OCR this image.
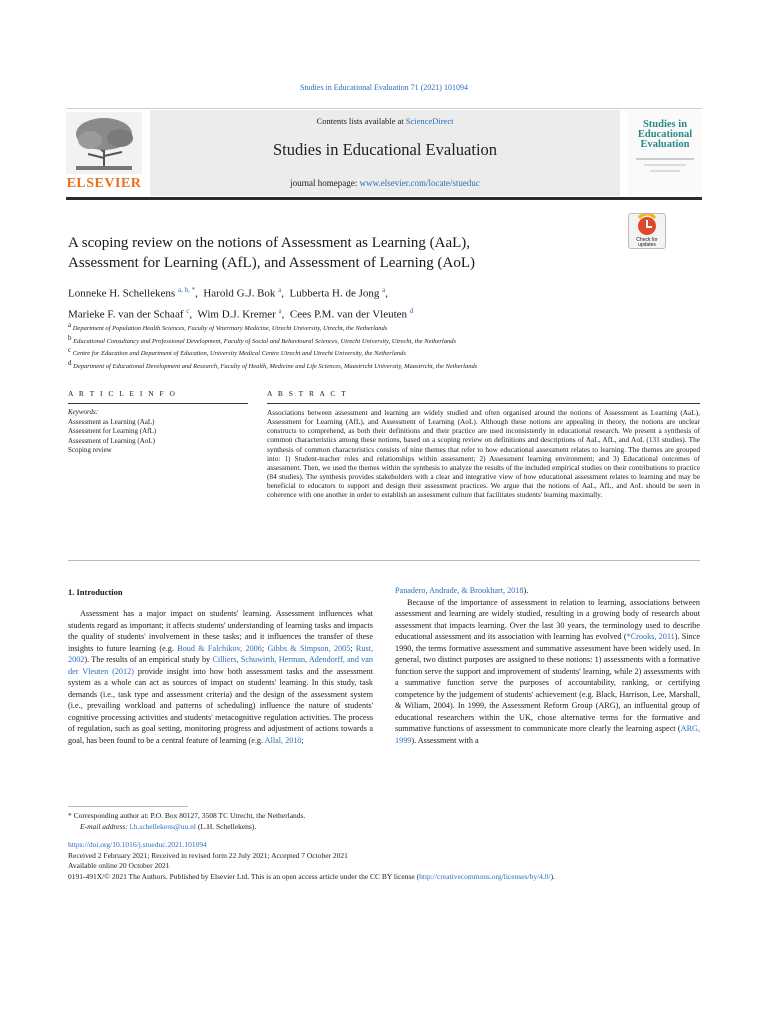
Studies in Educational Evaluation 71 (2021) 101094
ELSEVIER
Contents lists available at ScienceDirect
Studies in Educational Evaluation
journal homepage: www.elsevier.com/locate/stueduc
Studies in
Educational
Evaluation
Check for updates
A scoping review on the notions of Assessment as Learning (AaL),
Assessment for Learning (AfL), and Assessment of Learning (AoL)
Lonneke H. Schellekens $^{a, b, *}$,  Harold G.J. Bok $^a$,  Lubberta H. de Jong $^a$,
Marieke F. van der Schaaf $^c$,  Wim D.J. Kremer $^a$,  Cees P.M. van der Vleuten $^d$
$^a$ Department of Population Health Sciences, Faculty of Veterinary Medicine, Utrecht University, Utrecht, the Netherlands
$^b$ Educational Consultancy and Professional Development, Faculty of Social and Behavioural Sciences, Utrecht University, Utrecht, the Netherlands
$^c$ Centre for Education and Department of Education, University Medical Centre Utrecht and Utrecht University, the Netherlands
$^d$ Department of Educational Development and Research, Faculty of Health, Medicine and Life Sciences, Maastricht University, Maastricht, the Netherlands
A R T I C L E I N F O	A B S T R A C T
Keywords:
Assessment as Learning (AaL)
Assessment for Learning (AfL)
Assessment of Learning (AoL)
Scoping review
Associations between assessment and learning are widely studied and often organised around the notions of Assessment as Learning (AaL), Assessment for Learning (AfL), and Assessment of Learning (AoL). Although these notions are appealing in theory, the notions are unclear constructs to comprehend, as both their definitions and their practice are used inconsistently in educational research. We present a synthesis of common characteristics among these notions, based on a scoping review on definitions and descriptions of AaL, AfL, and AoL (131 studies). The synthesis of common characteristics consists of nine themes that refer to how educational assessment relates to learning. The themes are grouped into: 1) Student-teacher roles and relationships within assessment; 2) Assessment learning environment; and 3) Educational outcomes of assessment. Then, we used the themes within the synthesis to analyze the results of the included empirical studies on their contributions to practice (84 studies). The synthesis provides stakeholders with a clear and integrative view of how educational assessment relates to learning and may be beneficial to educators to support and design their assessment practices. We argue that the notions of AaL, AfL, and AoL should be seen in coherence with one another in order to establish an assessment culture that facilitates students' learning maximally.
1. Introduction

Assessment has a major impact on students' learning. Assessment influences what students regard as important; it affects students' understanding of learning tasks and impacts the quality of students' involvement in these tasks; and it influences the transfer of these insights to future learning (e.g. Boud & Falchikov, 2006; Gibbs & Simpson, 2005; Rust, 2002). The results of an empirical study by Cilliers, Schuwirth, Herman, Adendorff, and van der Vleuten (2012) provide insight into how both assessment tasks and the assessment system as a whole can act as sources of impact on students' learning. In this study, task demands (i.e., task type and assessment criteria) and the design of the assessment system (i.e., prevailing workload and patterns of scheduling) influence the nature of students' cognitive processing activities and students' metacognitive regulation activities. The process of regulation, such as goal setting, monitoring progress and adjustment of actions towards a goal, has been found to be a central feature of learning (e.g. Allal, 2010;

Panadero, Andrade, & Brookhart, 2018).

Because of the importance of assessment in relation to learning, associations between assessment and learning are widely studied, resulting in a growing body of research about assessment that impacts learning. Over the last 30 years, the terminology used to describe educational assessment and its association with learning has evolved (*Crooks, 2011). Since 1990, the terms formative assessment and summative assessment have been widely used. In general, two distinct purposes are assigned to these notions: 1) assessments with a formative function serve the support and improvement of students' learning, while 2) assessments with a summative function serve the purposes of accountability, ranking, or certifying competence by the judgement of students' achievement (e.g. Black, Harrison, Lee, Marshall, & Wiliam, 2004). In 1999, the Assessment Reform Group (ARG), an influential group of educational researchers within the UK, chose alternative terms for the formative and summative functions of assessment to communicate more clearly the learning aspect (ARG, 1999). Assessment with a

* Corresponding author at: P.O. Box 80127, 3508 TC Utrecht, the Netherlands.
E-mail address: l.h.schellekens@uu.nl (L.H. Schellekens).
https://doi.org/10.1016/j.stueduc.2021.101094
Received 2 February 2021; Received in revised form 22 July 2021; Accepted 7 October 2021
Available online 20 October 2021
0191-491X/© 2021 The Authors. Published by Elsevier Ltd. This is an open access article under the CC BY license (http://creativecommons.org/licenses/by/4.0/).
